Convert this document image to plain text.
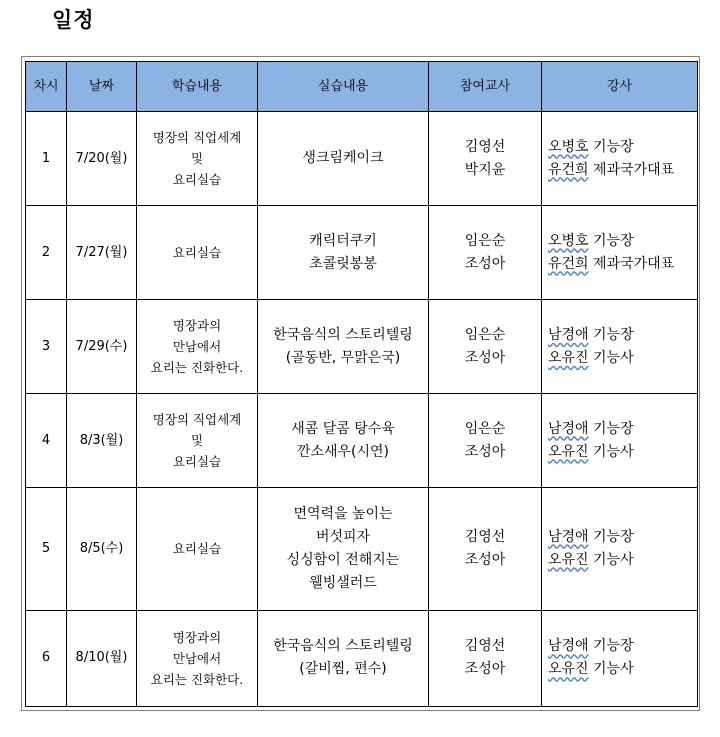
일정
차시	날짜	학습내용	실습내용	참여교사	강사
1	7/20(월)	명장의 직업세계
및
요리실습	생크림케이크	김영선
박지윤	오병호 기능장
유건희 제과국가대표

2	7/27(월)	요리실습	캐릭터쿠키
초콜릿봉봉	임은순
조성아	오병호 기능장
유건희 제과국가대표

3	7/29(수)	명장과의
만남에서
요리는 진화한다.	한국음식의 스토리텔링
(골동반, 무맑은국)	임은순
조성아	남경애 기능장
오유진 기능사

4	8/3(월)	명장의 직업세계
및
요리실습	새콤 달콤 탕수육
깐소새우(시연)	임은순
조성아	남경애 기능장
오유진 기능사

5	8/5(수)	요리실습	면역력을 높이는
버섯피자
싱싱함이 전해지는
웰빙샐러드	김영선
조성아	남경애 기능장
오유진 기능사

6	8/10(월)	명장과의
만남에서
요리는 진화한다.	한국음식의 스토리텔링
(갈비찜, 편수)	김영선
조성아	남경애 기능장
오유진 기능사
